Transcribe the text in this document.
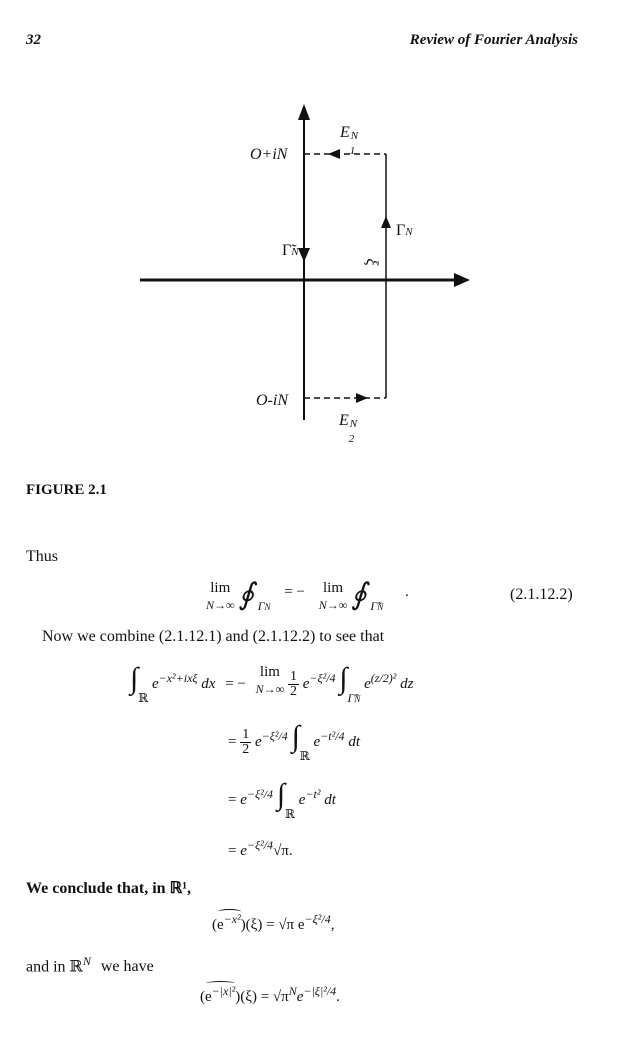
32	Review of Fourier Analysis
O+iN
O-iN
E N
1
E N
2
ΓN
Γ̃N
ξ
FIGURE 2.1
Thus
lim
N→∞ ∮ $_{\Gamma N}$ = − lim
N→∞ ∮ $_{\GammãN}$ .	(2.1.12.2)
Now we combine (2.1.12.1) and (2.1.12.2) to see that
$\int_ℝ$ $e^{-x^2+ix\xi}$ dx = − lim
$N\to\infty \frac{1}{2} e^{-\xi^2/4}$ $\int_{\GammãN}$ $e^{(z/2)^2}$ dz
= $\frac{1}{2} e^{-\xi^2/4}$ $\int_ℝ$ $e^{-t^2/4}$ dt
= $e^{-\xi^2/4}$ $\int_ℝ$ $e^{-t^2}$ dt
= $e^{-\xi^2/4}√\pi$.
We conclude that, in ℝ¹,
$(e^{-x^2})(\xi) = √\pi$ $e^{-\xi^2/4}$,
and in ℝ$^N$ we have
$(e^{-|x|^2})(\xi) = √\pi^Ne^{-|\xi|^2/4}$.
